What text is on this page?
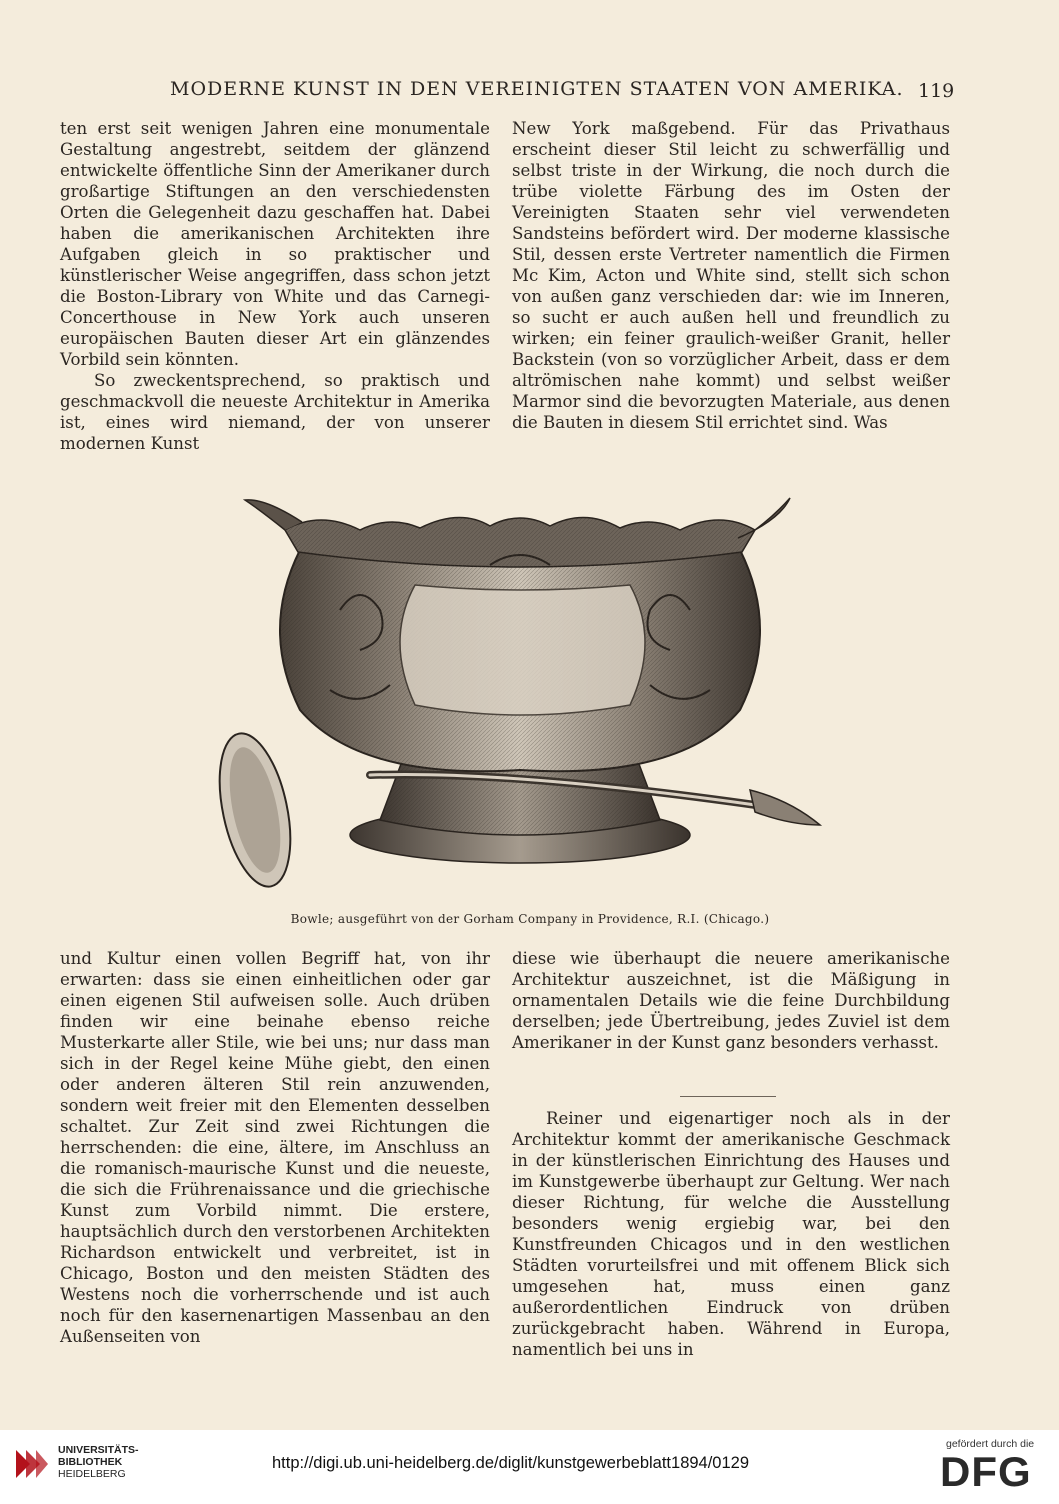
MODERNE KUNST IN DEN VEREINIGTEN STAATEN VON AMERIKA. 119

ten erst seit wenigen Jahren eine monumentale Gestaltung angestrebt, seitdem der glänzend entwickelte öffentliche Sinn der Amerikaner durch großartige Stiftungen an den verschiedensten Orten die Gelegenheit dazu geschaffen hat. Dabei haben die amerikanischen Architekten ihre Aufgaben gleich in so praktischer und künstlerischer Weise angegriffen, dass schon jetzt die Boston-Library von White und das Carnegi-Concerthouse in New York auch unseren europäischen Bauten dieser Art ein glänzendes Vorbild sein könnten.

So zweckentsprechend, so praktisch und geschmackvoll die neueste Architektur in Amerika ist, eines wird niemand, der von unserer modernen Kunst

New York maßgebend. Für das Privathaus erscheint dieser Stil leicht zu schwerfällig und selbst triste in der Wirkung, die noch durch die trübe violette Färbung des im Osten der Vereinigten Staaten sehr viel verwendeten Sandsteins befördert wird. Der moderne klassische Stil, dessen erste Vertreter namentlich die Firmen Mc Kim, Acton und White sind, stellt sich schon von außen ganz verschieden dar: wie im Inneren, so sucht er auch außen hell und freundlich zu wirken; ein feiner graulich-weißer Granit, heller Backstein (von so vorzüglicher Arbeit, dass er dem altrömischen nahe kommt) und selbst weißer Marmor sind die bevorzugten Materiale, aus denen die Bauten in diesem Stil errichtet sind. Was

Bowle; ausgeführt von der Gorham Company in Providence, R.I. (Chicago.)

und Kultur einen vollen Begriff hat, von ihr erwarten: dass sie einen einheitlichen oder gar einen eigenen Stil aufweisen solle. Auch drüben finden wir eine beinahe ebenso reiche Musterkarte aller Stile, wie bei uns; nur dass man sich in der Regel keine Mühe giebt, den einen oder anderen älteren Stil rein anzuwenden, sondern weit freier mit den Elementen desselben schaltet. Zur Zeit sind zwei Richtungen die herrschenden: die eine, ältere, im Anschluss an die romanisch-maurische Kunst und die neueste, die sich die Frührenaissance und die griechische Kunst zum Vorbild nimmt. Die erstere, hauptsächlich durch den verstorbenen Architekten Richardson entwickelt und verbreitet, ist in Chicago, Boston und den meisten Städten des Westens noch die vorherrschende und ist auch noch für den kasernenartigen Massenbau an den Außenseiten von

diese wie überhaupt die neuere amerikanische Architektur auszeichnet, ist die Mäßigung in ornamentalen Details wie die feine Durchbildung derselben; jede Übertreibung, jedes Zuviel ist dem Amerikaner in der Kunst ganz besonders verhasst.

Reiner und eigenartiger noch als in der Architektur kommt der amerikanische Geschmack in der künstlerischen Einrichtung des Hauses und im Kunstgewerbe überhaupt zur Geltung. Wer nach dieser Richtung, für welche die Ausstellung besonders wenig ergiebig war, bei den Kunstfreunden Chicagos und in den westlichen Städten vorurteilsfrei und mit offenem Blick sich umgesehen hat, muss einen ganz außerordentlichen Eindruck von drüben zurückgebracht haben. Während in Europa, namentlich bei uns in

UNIVERSITÄTS-
BIBLIOTHEK
HEIDELBERG
http://digi.ub.uni-heidelberg.de/diglit/kunstgewerbeblatt1894/0129
gefördert durch die
DFG
